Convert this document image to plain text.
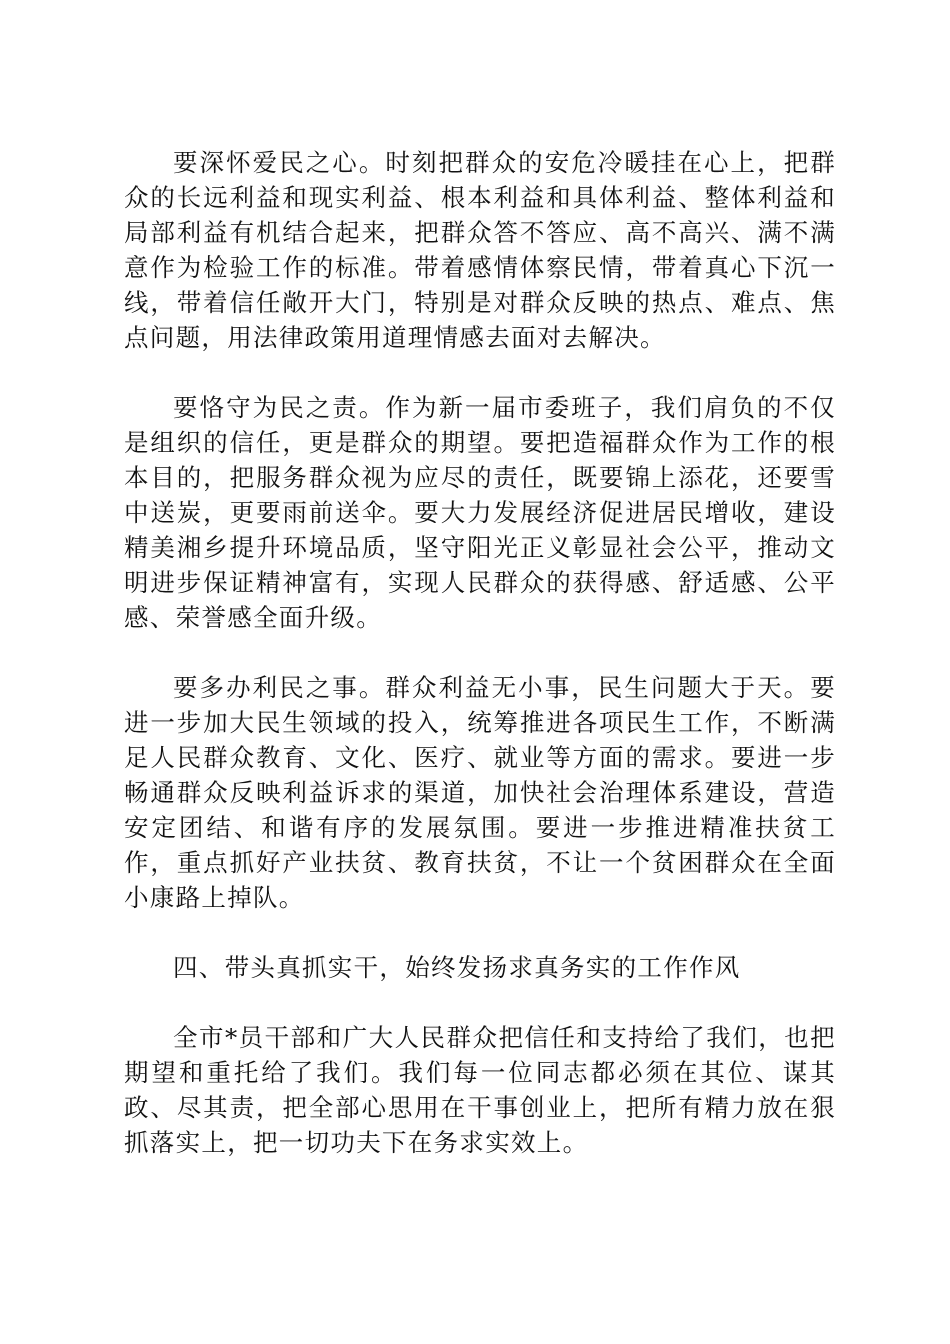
要深怀爱民之心。时刻把群众的安危冷暖挂在心上，把群众的长远利益和现实利益、根本利益和具体利益、整体利益和局部利益有机结合起来，把群众答不答应、高不高兴、满不满意作为检验工作的标准。带着感情体察民情，带着真心下沉一线，带着信任敞开大门，特别是对群众反映的热点、难点、焦点问题，用法律政策用道理情感去面对去解决。

要恪守为民之责。作为新一届市委班子，我们肩负的不仅是组织的信任，更是群众的期望。要把造福群众作为工作的根本目的，把服务群众视为应尽的责任，既要锦上添花，还要雪中送炭，更要雨前送伞。要大力发展经济促进居民增收，建设精美湘乡提升环境品质，坚守阳光正义彰显社会公平，推动文明进步保证精神富有，实现人民群众的获得感、舒适感、公平感、荣誉感全面升级。

要多办利民之事。群众利益无小事，民生问题大于天。要进一步加大民生领域的投入，统筹推进各项民生工作，不断满足人民群众教育、文化、医疗、就业等方面的需求。要进一步畅通群众反映利益诉求的渠道，加快社会治理体系建设，营造安定团结、和谐有序的发展氛围。要进一步推进精准扶贫工作，重点抓好产业扶贫、教育扶贫，不让一个贫困群众在全面小康路上掉队。

四、带头真抓实干，始终发扬求真务实的工作作风

全市*员干部和广大人民群众把信任和支持给了我们，也把期望和重托给了我们。我们每一位同志都必须在其位、谋其政、尽其责，把全部心思用在干事创业上，把所有精力放在狠抓落实上，把一切功夫下在务求实效上。
